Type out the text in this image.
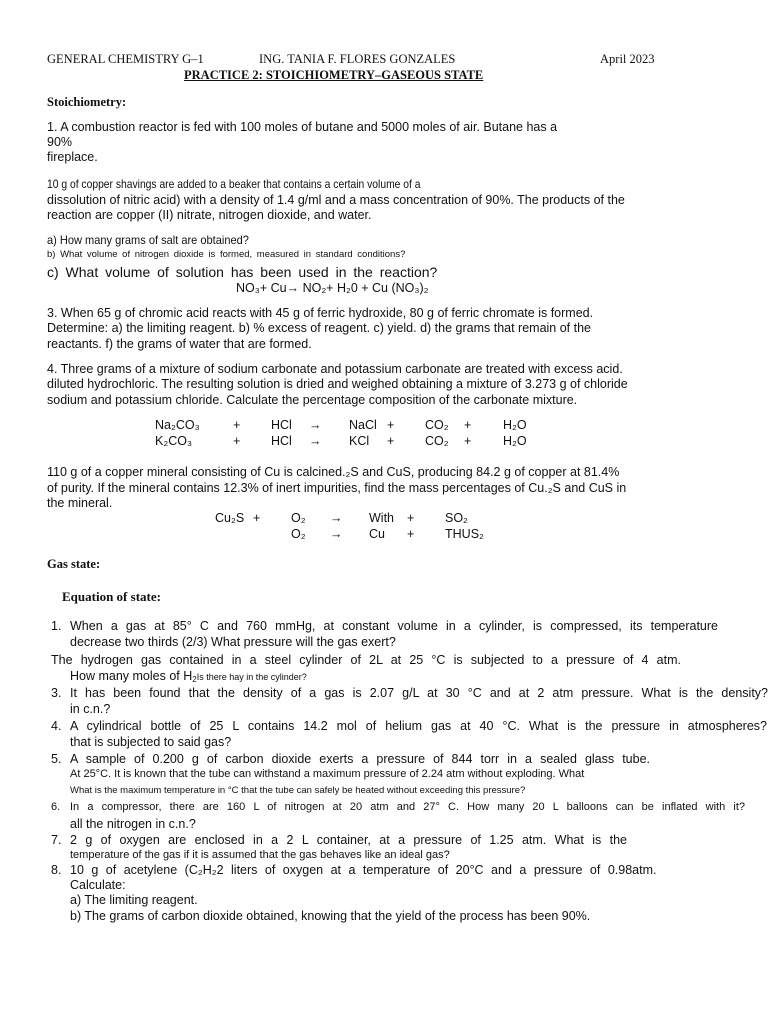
GENERAL CHEMISTRY G–1	ING. TANIA F. FLORES GONZALES	April 2023
PRACTICE 2: STOICHIOMETRY–GASEOUS STATE
Stoichiometry:
1. A combustion reactor is fed with 100 moles of butane and 5000 moles of air. Butane has a
90%
fireplace.
10 g of copper shavings are added to a beaker that contains a certain volume of a
dissolution of nitric acid) with a density of 1.4 g/ml and a mass concentration of 90%. The products of the
reaction are copper (II) nitrate, nitrogen dioxide, and water.
a) How many grams of salt are obtained?
b) What volume of nitrogen dioxide is formed, measured in standard conditions?
c) What volume of solution has been used in the reaction?
NO₃+ Cu→ NO₂+ H₂0 + Cu (NO₃)₂
3. When 65 g of chromic acid reacts with 45 g of ferric hydroxide, 80 g of ferric chromate is formed.
Determine: a) the limiting reagent. b) % excess of reagent. c) yield. d) the grams that remain of the
reactants. f) the grams of water that are formed.
4. Three grams of a mixture of sodium carbonate and potassium carbonate are treated with excess acid.
diluted hydrochloric. The resulting solution is dried and weighed obtaining a mixture of 3.273 g of chloride
sodium and potassium chloride. Calculate the percentage composition of the carbonate mixture.
Na₂CO₃	+ HCl → NaCl + CO₂ +	H₂O
K₂CO₃	+ HCl → KCl + CO₂ +	H₂O
110 g of a copper mineral consisting of Cu is calcined.₂S and CuS, producing 84.2 g of copper at 81.4%
of purity. If the mineral contains 12.3% of inert impurities, find the mass percentages of Cu.₂S and CuS in
the mineral.
Cu₂S + O₂ → With + SO₂
O₂ → Cu + THUS₂
Gas state:
Equation of state:
1. When a gas at 85° C and 760 mmHg, at constant volume in a cylinder, is compressed, its temperature
decrease two thirds (2/3) What pressure will the gas exert?
The hydrogen gas contained in a steel cylinder of 2L at 25 °C is subjected to a pressure of 4 atm.
How many moles of $H_2Is$ there hay in the cylinder?
3. It has been found that the density of a gas is 2.07 g/L at 30 °C and at 2 atm pressure. What is the density?
in c.n.?
4. A cylindrical bottle of 25 L contains 14.2 mol of helium gas at 40 °C. What is the pressure in atmospheres?
that is subjected to said gas?
5. A sample of 0.200 g of carbon dioxide exerts a pressure of 844 torr in a sealed glass tube.
At 25°C. It is known that the tube can withstand a maximum pressure of 2.24 atm without exploding. What
What is the maximum temperature in °C that the tube can safely be heated without exceeding this pressure?
6. In a compressor, there are 160 L of nitrogen at 20 atm and 27° C. How many 20 L balloons can be inflated with it?
all the nitrogen in c.n.?
7. 2 g of oxygen are enclosed in a 2 L container, at a pressure of 1.25 atm. What is the
temperature of the gas if it is assumed that the gas behaves like an ideal gas?
8. 10 g of acetylene (C₂H₂2 liters of oxygen at a temperature of 20°C and a pressure of 0.98atm.
Calculate:
a) The limiting reagent.
b) The grams of carbon dioxide obtained, knowing that the yield of the process has been 90%.
